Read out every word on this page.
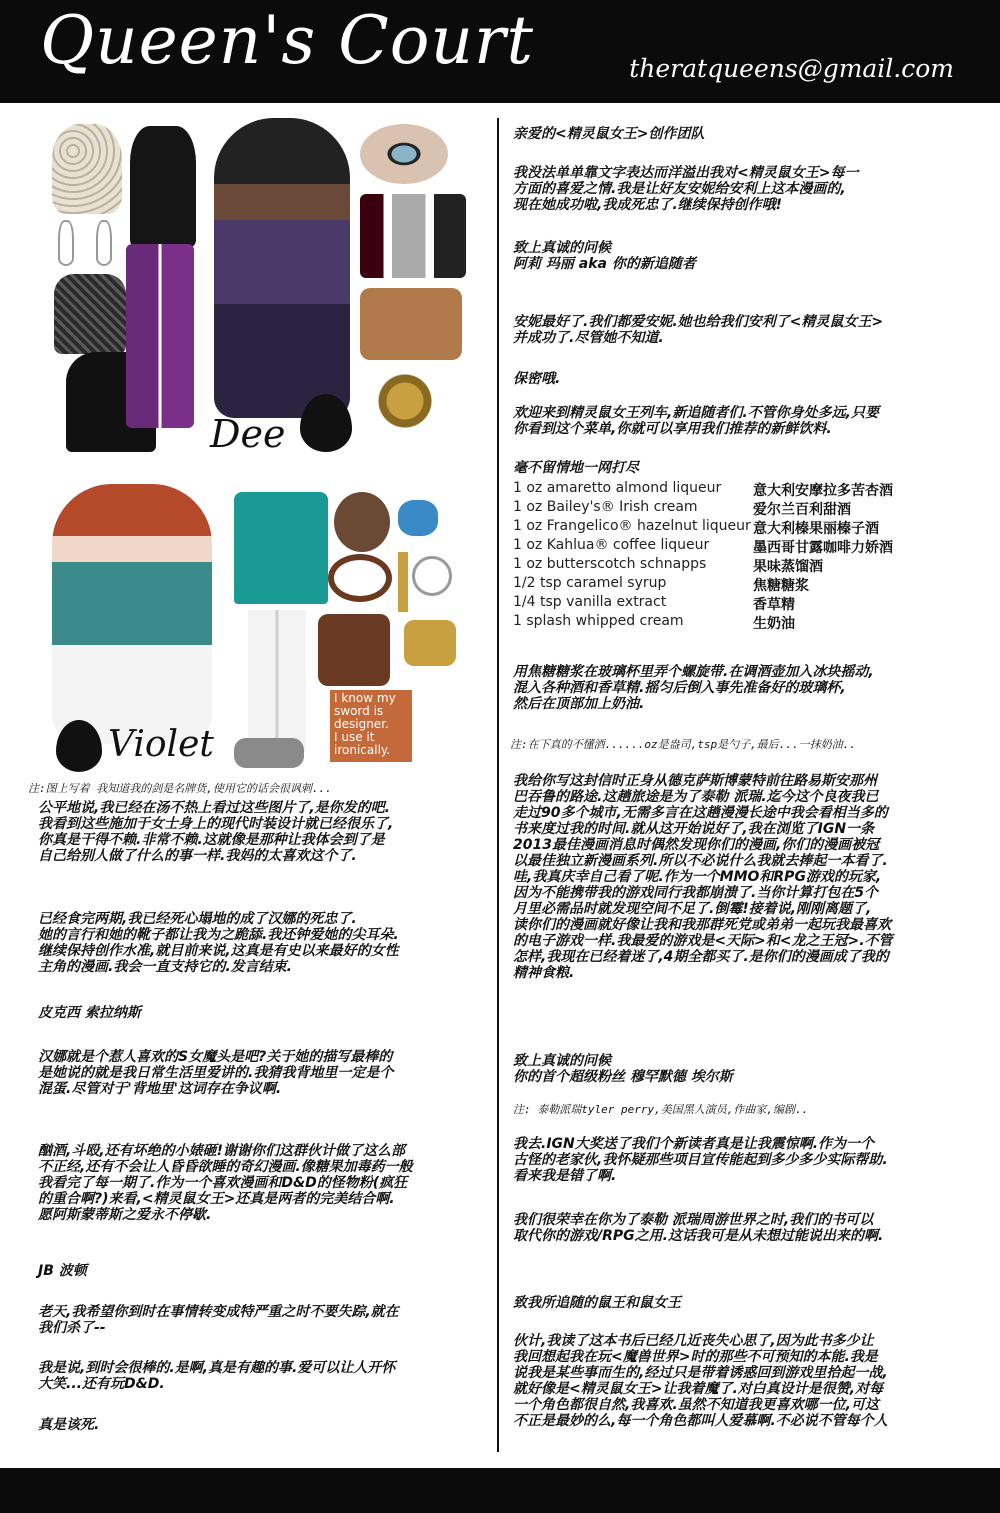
Queen's Court	theratqueens@gmail.com
Dee
I know my
sword is
designer.
I use it
ironically.
Violet
注:图上写着 我知道我的剑是名牌货,使用它的话会很讽刺...
公平地说,我已经在汤不热上看过这些图片了,是你发的吧.
我看到这些施加于女士身上的现代时装设计就已经很乐了,
你真是干得不赖.非常不赖.这就像是那种让我体会到了是
自己给别人做了什么的事一样.我妈的太喜欢这个了.
已经食完两期,我已经死心塌地的成了汉娜的死忠了.
她的言行和她的靴子都让我为之跪舔.我还钟爱她的尖耳朵.
继续保持创作水准,就目前来说,这真是有史以来最好的女性
主角的漫画.我会一直支持它的.发言结束.
皮克西 索拉纳斯
汉娜就是个惹人喜欢的S女魔头是吧?关于她的描写最棒的
是她说的就是我日常生活里爱讲的.我猜我背地里一定是个
混蛋.尽管对于'背地里'这词存在争议啊.
酗酒,斗殴,还有坏绝的小婊砸!谢谢你们这群伙计做了这么部
不正经,还有不会让人昏昏欲睡的奇幻漫画.像糖果加毒药一般
我看完了每一期了.作为一个喜欢漫画和D&D的怪物粉(疯狂
的重合啊?)来看,<精灵鼠女王>还真是两者的完美结合啊.
愿阿斯蒙蒂斯之爱永不停歇.
JB 波顿
老天,我希望你到时在事情转变成特严重之时不要失踪,就在
我们杀了--
我是说,到时会很棒的.是啊,真是有趣的事.爱可以让人开怀
大笑...还有玩D&D.
真是该死.
亲爱的<精灵鼠女王>创作团队
我没法单单靠文字表达而洋溢出我对<精灵鼠女王>每一
方面的喜爱之情.我是让好友安妮给安利上这本漫画的,
现在她成功啦,我成死忠了.继续保持创作哦!
致上真诚的问候
阿莉 玛丽 aka 你的新追随者
安妮最好了.我们都爱安妮.她也给我们安利了<精灵鼠女王>
并成功了.尽管她不知道.
保密哦.
欢迎来到精灵鼠女王列车,新追随者们.不管你身处多远,只要
你看到这个菜单,你就可以享用我们推荐的新鲜饮料.
毫不留情地一网打尽
1 oz amaretto almond liqueur 意大利安摩拉多苦杏酒
1 oz Bailey's® Irish cream	爱尔兰百利甜酒
1 oz Frangelico® hazelnut liqueur 意大利榛果丽榛子酒
1 oz Kahlua® coffee liqueur	墨西哥甘露咖啡力娇酒
1 oz butterscotch schnapps	果味蒸馏酒
1/2 tsp caramel syrup	焦糖糖浆
1/4 tsp vanilla extract	香草精
1 splash whipped cream	生奶油
用焦糖糖浆在玻璃杯里弄个螺旋带.在调酒壶加入冰块摇动,
混入各种酒和香草精.摇匀后倒入事先准备好的玻璃杯,
然后在顶部加上奶油.
注:在下真的不懂酒......oz是盎司,tsp是勺子,最后...一抹奶油..
我给你写这封信时正身从德克萨斯博蒙特前往路易斯安那州
巴吞鲁的路途.这趟旅途是为了泰勒 派瑞.迄今这个良夜我已
走过90多个城市,无需多言在这趟漫漫长途中我会看相当多的
书来度过我的时间.就从这开始说好了,我在浏览了IGN一条
2013最佳漫画消息时偶然发现你们的漫画,你们的漫画被冠
以最佳独立新漫画系列.所以不必说什么我就去捧起一本看了.
哇,我真庆幸自己看了呢.作为一个MMO和RPG游戏的玩家,
因为不能携带我的游戏同行我都崩溃了.当你计算打包在5个
月里必需品时就发现空间不足了.倒霉!接着说,刚刚离题了,
读你们的漫画就好像让我和我那群死党或弟弟一起玩我最喜欢
的电子游戏一样.我最爱的游戏是<天际>和<龙之王冠>.不管
怎样,我现在已经着迷了,4期全都买了.是你们的漫画成了我的
精神食粮.
致上真诚的问候
你的首个超级粉丝 穆罕默德 埃尔斯
注: 泰勒派瑞tyler perry,美国黑人演员,作曲家,编剧..
我去.IGN大奖送了我们个新读者真是让我震惊啊.作为一个
古怪的老家伙,我怀疑那些项目宣传能起到多少多少实际帮助.
看来我是错了啊.
我们很荣幸在你为了泰勒 派瑞周游世界之时,我们的书可以
取代你的游戏/RPG之用.这话我可是从未想过能说出来的啊.
致我所追随的鼠王和鼠女王
伙计,我读了这本书后已经几近丧失心思了,因为此书多少让
我回想起我在玩<魔兽世界>时的那些不可预知的本能.我是
说我是某些事而生的,经过只是带着诱惑回到游戏里拾起一战,
就好像是<精灵鼠女王>让我着魔了.对白真设计是很赞,对每
一个角色都很自然,我喜欢.虽然不知道我更喜欢哪一位,可这
不正是最妙的么,每一个角色都叫人爱慕啊.不必说不管每个人
